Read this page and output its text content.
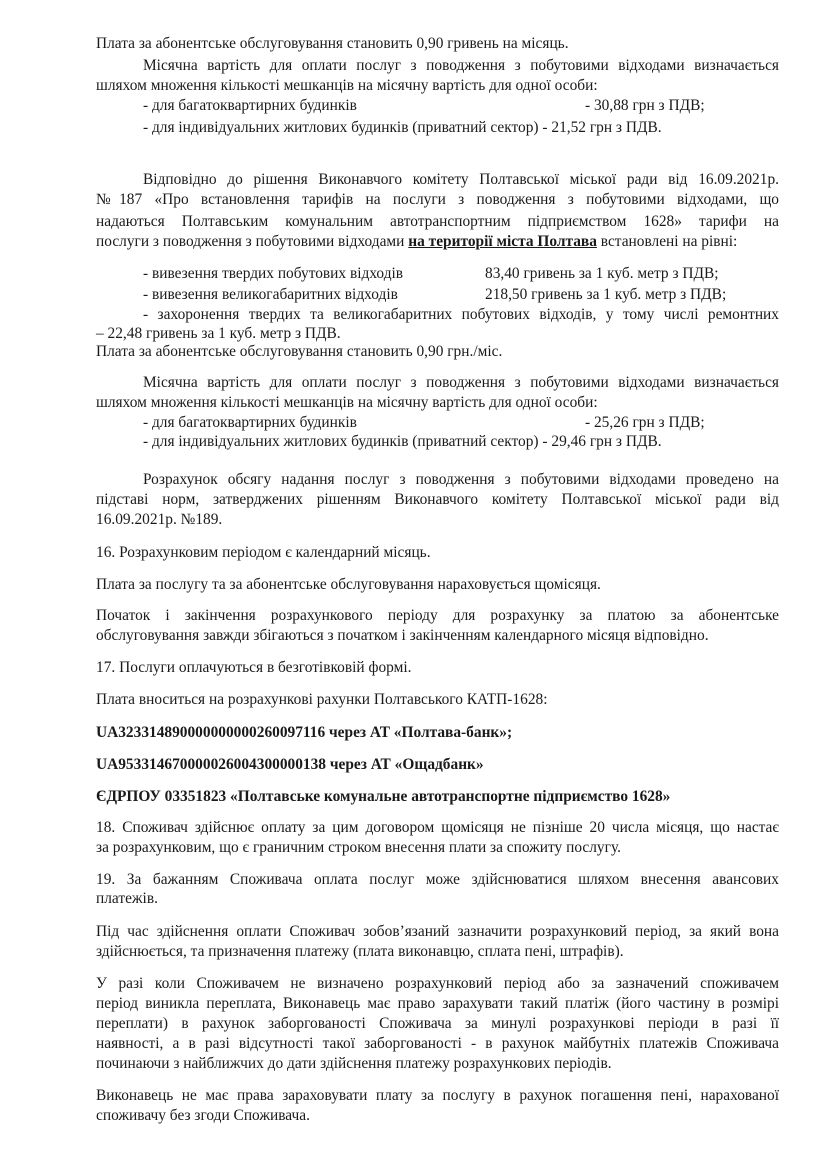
Плата за абонентське обслуговування становить 0,90 гривень на місяць.

Місячна вартість для оплати послуг з поводження з побутовими відходами визначається

шляхом множення кількості мешканців на місячну вартість для одної особи:

- для багатоквартирних будинків	- 30,88 грн з ПДВ;

- для індивідуальних житлових будинків (приватний сектор) - 21,52 грн з ПДВ.

Відповідно до рішення Виконавчого комітету Полтавської міської ради від 16.09.2021р.

№187 «Про встановлення тарифів на послуги з поводження з побутовими відходами, що

надаються Полтавським комунальним автотранспортним підприємством 1628» тарифи на

послуги з поводження з побутовими відходами на території міста Полтава встановлені на рівні:

- вивезення твердих побутових відходів	83,40 гривень за 1 куб. метр з ПДВ;

- вивезення великогабаритних відходів	218,50 гривень за 1 куб. метр з ПДВ;

- захоронення твердих та великогабаритних побутових відходів, у тому числі ремонтних

– 22,48 гривень за 1 куб. метр з ПДВ.

Плата за абонентське обслуговування становить 0,90 грн./міс.

Місячна вартість для оплати послуг з поводження з побутовими відходами визначається

шляхом множення кількості мешканців на місячну вартість для одної особи:

- для багатоквартирних будинків	- 25,26 грн з ПДВ;

- для індивідуальних житлових будинків (приватний сектор) - 29,46 грн з ПДВ.

Розрахунок обсягу надання послуг з поводження з побутовими відходами проведено на

підставі норм, затверджених рішенням Виконавчого комітету Полтавської міської ради від

16.09.2021р. №189.

16. Розрахунковим періодом є календарний місяць.

Плата за послугу та за абонентське обслуговування нараховується щомісяця.

Початок і закінчення розрахункового періоду для розрахунку за платою за абонентське

обслуговування завжди збігаються з початком і закінченням календарного місяця відповідно.

17. Послуги оплачуються в безготівковій формі.

Плата вноситься на розрахункові рахунки Полтавського КАТП-1628:

UA323314890000000000260097116 через АТ «Полтава-банк»;

UA953314670000026004300000138 через АТ «Ощадбанк»

ЄДРПОУ 03351823 «Полтавське комунальне автотранспортне підприємство 1628»

18. Споживач здійснює оплату за цим договором щомісяця не пізніше 20 числа місяця, що настає

за розрахунковим, що є граничним строком внесення плати за спожиту послугу.

19. За бажанням Споживача оплата послуг може здійснюватися шляхом внесення авансових

платежів.

Під час здійснення оплати Споживач зобов’язаний зазначити розрахунковий період, за який вона

здійснюється, та призначення платежу (плата виконавцю, сплата пені, штрафів).

У разі коли Споживачем не визначено розрахунковий період або за зазначений споживачем

період виникла переплата, Виконавець має право зарахувати такий платіж (його частину в розмірі

переплати) в рахунок заборгованості Споживача за минулі розрахункові періоди в разі її

наявності, а в разі відсутності такої заборгованості - в рахунок майбутніх платежів Споживача

починаючи з найближчих до дати здійснення платежу розрахункових періодів.

Виконавець не має права зараховувати плату за послугу в рахунок погашення пені, нарахованої

споживачу без згоди Споживача.
